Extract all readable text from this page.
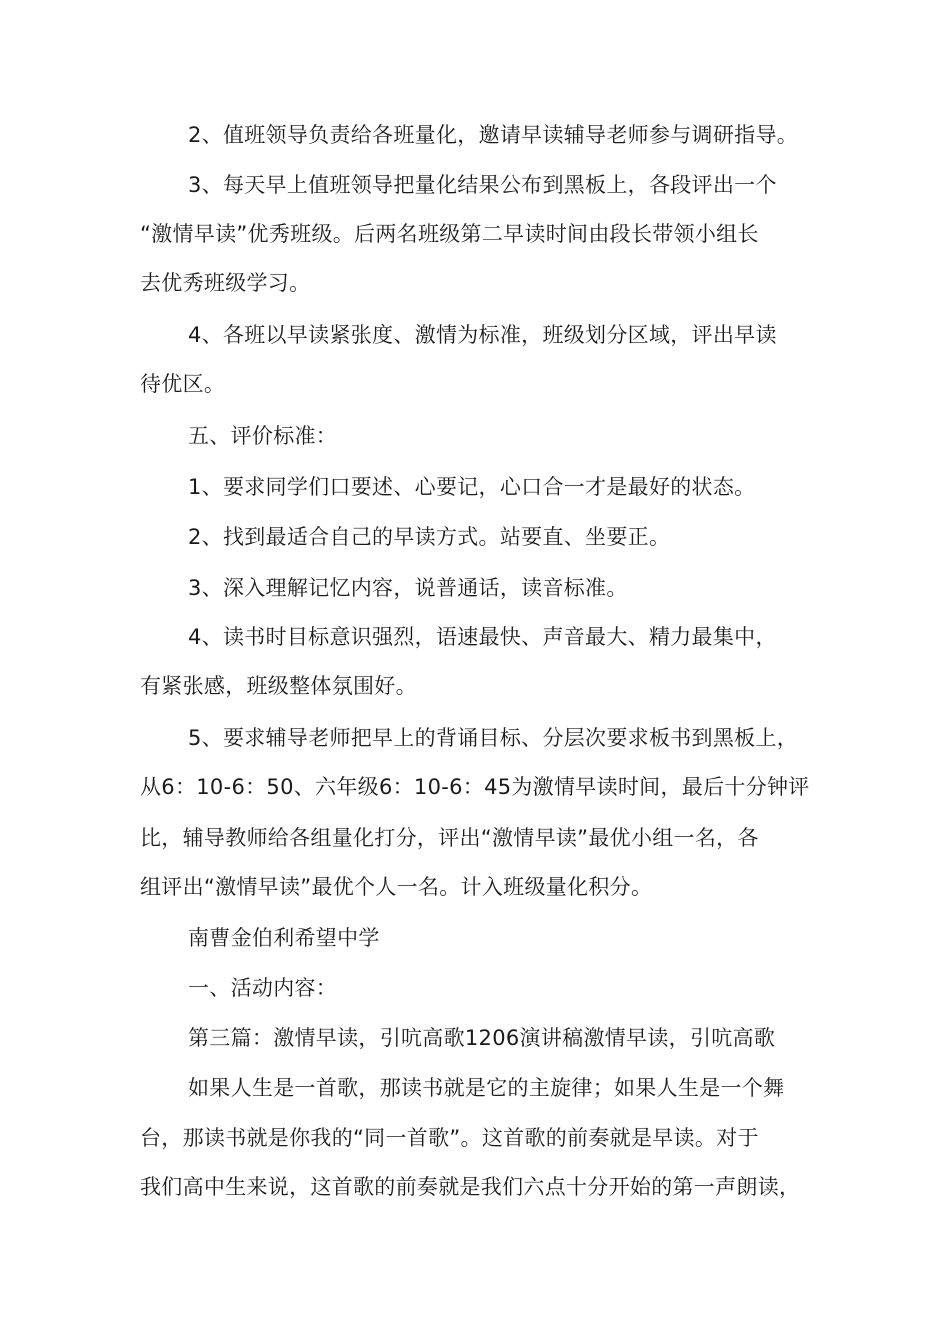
2、值班领导负责给各班量化，邀请早读辅导老师参与调研指导。
3、每天早上值班领导把量化结果公布到黑板上，各段评出一个
“激情早读”优秀班级。后两名班级第二早读时间由段长带领小组长
去优秀班级学习。
4、各班以早读紧张度、激情为标准，班级划分区域，评出早读
待优区。
五、评价标准：
1、要求同学们口要述、心要记，心口合一才是最好的状态。
2、找到最适合自己的早读方式。站要直、坐要正。
3、深入理解记忆内容，说普通话，读音标准。
4、读书时目标意识强烈，语速最快、声音最大、精力最集中，
有紧张感，班级整体氛围好。
5、要求辅导老师把早上的背诵目标、分层次要求板书到黑板上，
从6：10-6：50、六年级6：10-6：45为激情早读时间，最后十分钟评
比，辅导教师给各组量化打分，评出“激情早读”最优小组一名，各
组评出“激情早读”最优个人一名。计入班级量化积分。
南曹金伯利希望中学
一、活动内容：
第三篇：激情早读，引吭高歌1206演讲稿激情早读，引吭高歌
如果人生是一首歌，那读书就是它的主旋律；如果人生是一个舞
台，那读书就是你我的“同一首歌”。这首歌的前奏就是早读。对于
我们高中生来说，这首歌的前奏就是我们六点十分开始的第一声朗读，
